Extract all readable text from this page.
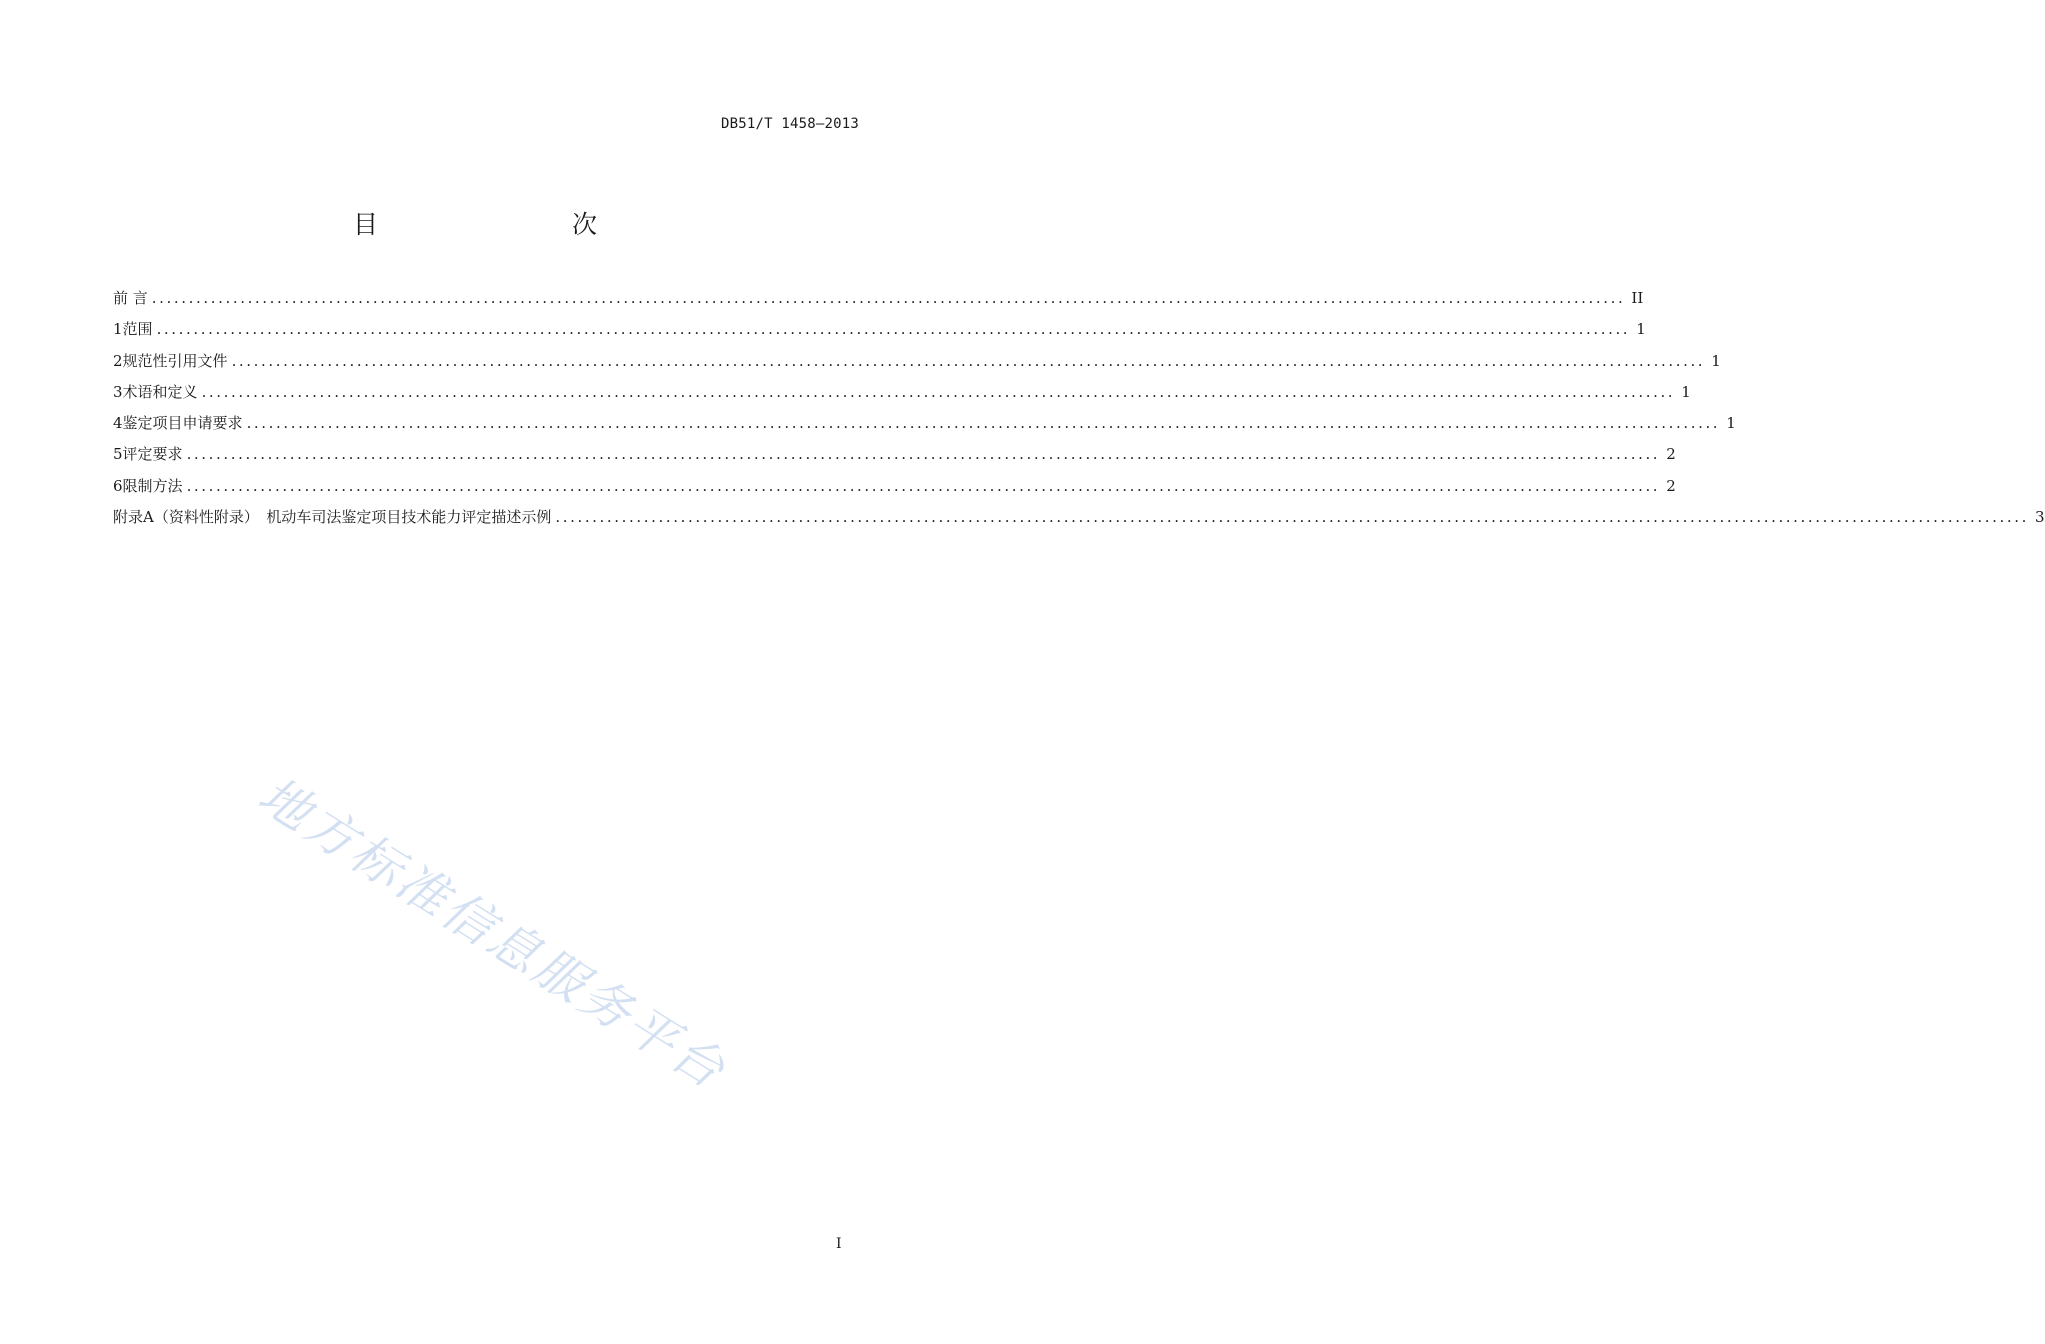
DB51/T 1458—2013
目　　次
前 言 ........................................................................................................................................................................................................ II
1 范围 ........................................................................................................................................................................................................ 1
2 规范性引用文件 ........................................................................................................................................................................................................ 1
3 术语和定义 ........................................................................................................................................................................................................ 1
4 鉴定项目申请要求 ........................................................................................................................................................................................................ 1
5 评定要求 ........................................................................................................................................................................................................ 2
6 限制方法 ........................................................................................................................................................................................................ 2
附录A（资料性附录）　机动车司法鉴定项目技术能力评定描述示例 ........................................................................................................................................................................................................ 3
I
地方标准信息服务平台
